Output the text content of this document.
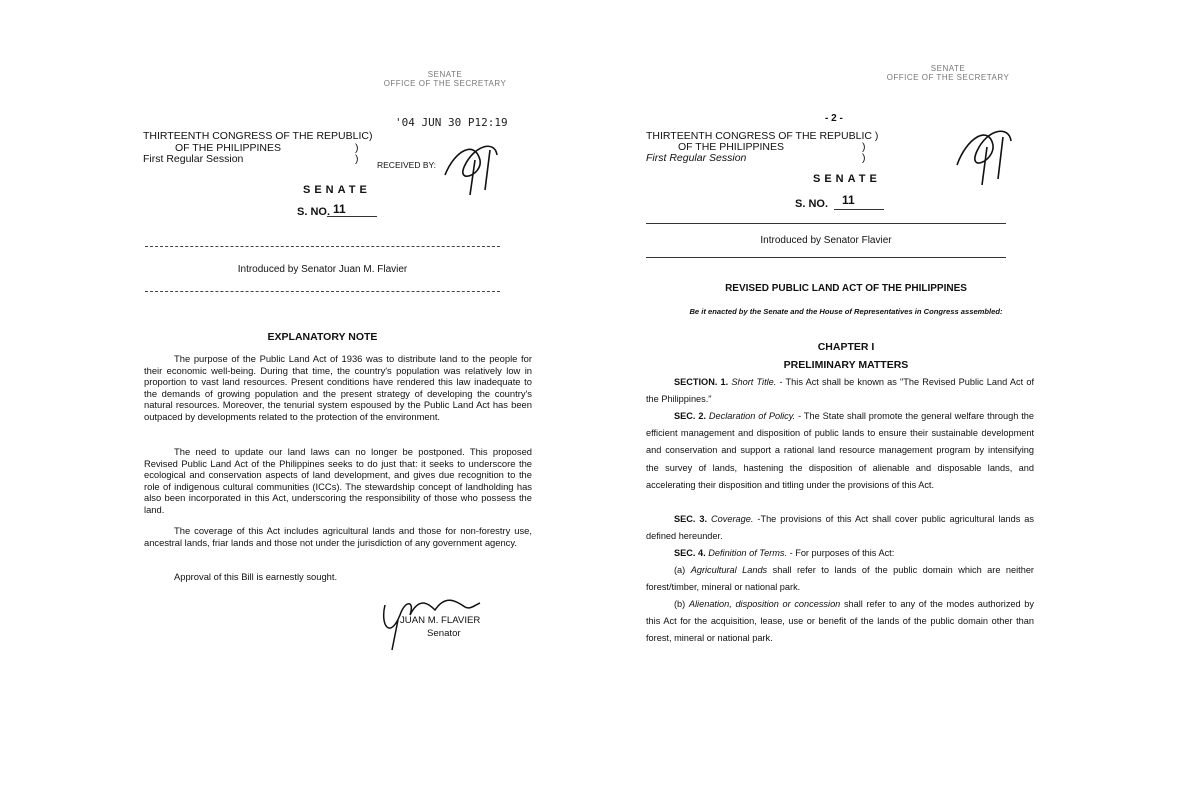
SENATE
OFFICE OF THE SECRETARY
'04 JUN 30 P12:19
THIRTEENTH CONGRESS OF THE REPUBLIC)
OF THE PHILIPPINES	)
First Regular Session	) RECEIVED BY:
SENATE
S. NO. 11
Introduced by Senator Juan M. Flavier
EXPLANATORY NOTE
The purpose of the Public Land Act of 1936 was to distribute land to the people for their economic well-being. During that time, the country's population was relatively low in proportion to vast land resources. Present conditions have rendered this law inadequate to the demands of growing population and the present strategy of developing the country's natural resources. Moreover, the tenurial system espoused by the Public Land Act has been outpaced by developments related to the protection of the environment.
The need to update our land laws can no longer be postponed. This proposed Revised Public Land Act of the Philippines seeks to do just that: it seeks to underscore the ecological and conservation aspects of land development, and gives due recognition to the role of indigenous cultural communities (ICCs). The stewardship concept of landholding has also been incorporated in this Act, underscoring the responsibility of those who possess the land.
The coverage of this Act includes agricultural lands and those for non-forestry use, ancestral lands, friar lands and those not under the jurisdiction of any government agency.
Approval of this Bill is earnestly sought.
JUAN M. FLAVIER
Senator
SENATE
OFFICE OF THE SECRETARY
- 2 -
THIRTEENTH CONGRESS OF THE REPUBLIC )
OF THE PHILIPPINES	)
First Regular Session	)
SENATE
S. NO. 11
Introduced by Senator Flavier
REVISED PUBLIC LAND ACT OF THE PHILIPPINES
Be it enacted by the Senate and the House of Representatives in Congress assembled:
CHAPTER I
PRELIMINARY MATTERS
SECTION. 1. Short Title. - This Act shall be known as "The Revised Public Land Act of the Philippines."
SEC. 2. Declaration of Policy. - The State shall promote the general welfare through the efficient management and disposition of public lands to ensure their sustainable development and conservation and support a rational land resource management program by intensifying the survey of lands, hastening the disposition of alienable and disposable lands, and accelerating their disposition and titling under the provisions of this Act.
SEC. 3. Coverage. -The provisions of this Act shall cover public agricultural lands as defined hereunder.
SEC. 4. Definition of Terms. - For purposes of this Act:
(a) Agricultural Lands shall refer to lands of the public domain which are neither forest/timber, mineral or national park.
(b) Alienation, disposition or concession shall refer to any of the modes authorized by this Act for the acquisition, lease, use or benefit of the lands of the public domain other than forest, mineral or national park.
